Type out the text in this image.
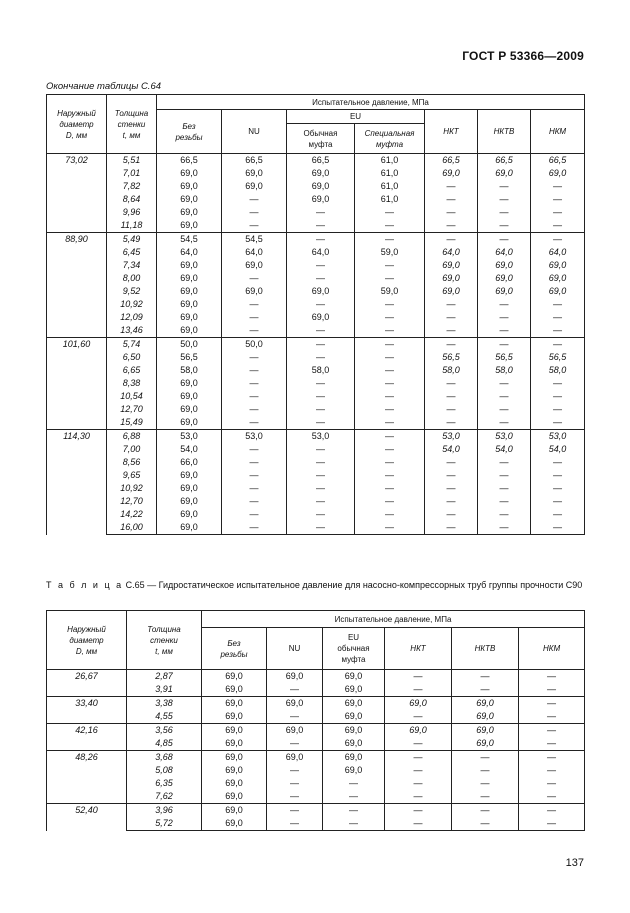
ГОСТ Р 53366—2009
Окончание таблицы С.64
Наружный
диаметр
D, мм	Толщина
стенки
t, мм	Испытательное давление, МПа						
		Без
резьбы	NU	EU		НКТ	НКТВ	НКМ
				Обычная
муфта	Специальная
муфта			
73,02	5,51	66,5	66,5	66,5	61,0	66,5	66,5	66,5
	7,01	69,0	69,0	69,0	61,0	69,0	69,0	69,0
	7,82	69,0	69,0	69,0	61,0	—	—	—
	8,64	69,0	—	69,0	61,0	—	—	—
	9,96	69,0	—	—	—	—	—	—
	11,18	69,0	—	—	—	—	—	—
88,90	5,49	54,5	54,5	—	—	—	—	—
	6,45	64,0	64,0	64,0	59,0	64,0	64,0	64,0
	7,34	69,0	69,0	—	—	69,0	69,0	69,0
	8,00	69,0	—	—	—	69,0	69,0	69,0
	9,52	69,0	69,0	69,0	59,0	69,0	69,0	69,0
	10,92	69,0	—	—	—	—	—	—
	12,09	69,0	—	69,0	—	—	—	—
	13,46	69,0	—	—	—	—	—	—
101,60	5,74	50,0	50,0	—	—	—	—	—
	6,50	56,5	—	—	—	56,5	56,5	56,5
	6,65	58,0	—	58,0	—	58,0	58,0	58,0
	8,38	69,0	—	—	—	—	—	—
	10,54	69,0	—	—	—	—	—	—
	12,70	69,0	—	—	—	—	—	—
	15,49	69,0	—	—	—	—	—	—
114,30	6,88	53,0	53,0	53,0	—	53,0	53,0	53,0
	7,00	54,0	—	—	—	54,0	54,0	54,0
	8,56	66,0	—	—	—	—	—	—
	9,65	69,0	—	—	—	—	—	—
	10,92	69,0	—	—	—	—	—	—
	12,70	69,0	—	—	—	—	—	—
	14,22	69,0	—	—	—	—	—	—
	16,00	69,0	—	—	—	—	—	—
Т а б л и ц а С.65 — Гидростатическое испытательное давление для насосно-компрессорных труб группы прочности С90
Наружный
диаметр
D, мм	Толщина
стенки
t, мм	Испытательное давление, МПа					
		Без
резьбы	NU	EU
обычная
муфта	НКТ	НКТВ	НКМ
26,67	2,87	69,0	69,0	69,0	—	—	—
	3,91	69,0	—	69,0	—	—	—
33,40	3,38	69,0	69,0	69,0	69,0	69,0	—
	4,55	69,0	—	69,0	—	69,0	—
42,16	3,56	69,0	69,0	69,0	69,0	69,0	—
	4,85	69,0	—	69,0	—	69,0	—
48,26	3,68	69,0	69,0	69,0	—	—	—
	5,08	69,0	—	69,0	—	—	—
	6,35	69,0	—	—	—	—	—
	7,62	69,0	—	—	—	—	—
52,40	3,96	69,0	—	—	—	—	—
	5,72	69,0	—	—	—	—	—
137
